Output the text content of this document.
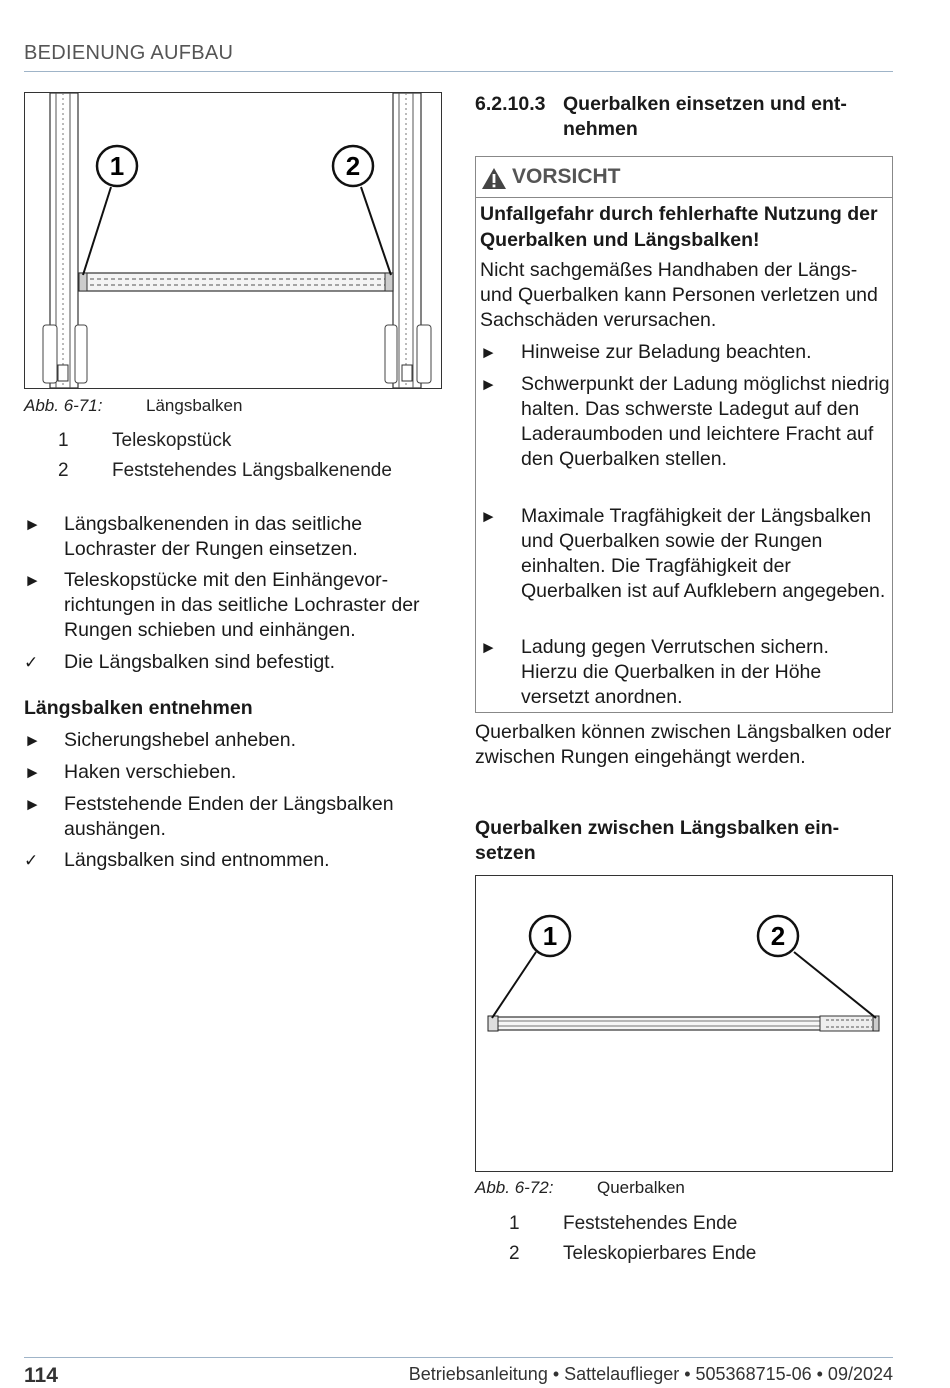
BEDIENUNG AUFBAU
1	2
Abb. 6-71:	Längsbalken
1 Teleskopstück
2 Feststehendes Längsbalkenende
►	Längsbalkenenden in das seitliche Lochraster der Rungen einsetzen.
►	Teleskopstücke mit den Einhängevorrichtungen in das seitliche Lochraster der Rungen schieben und einhängen.
✓	Die Längsbalken sind befestigt.
Längsbalken entnehmen
►	Sicherungshebel anheben.
►	Haken verschieben.
►	Feststehende Enden der Längsbalken aushängen.
✓	Längsbalken sind entnommen.
6.2.10.3 Querbalken einsetzen und ent-
nehmen
VORSICHT
Unfallgefahr durch fehlerhafte Nutzung der Querbalken und Längsbalken!
Nicht sachgemäßes Handhaben der Längs- und Querbalken kann Personen verletzen und Sachschäden verursachen.
► Hinweise zur Beladung beachten.
► Schwerpunkt der Ladung möglichst niedrig halten. Das schwerste Ladegut auf den Laderaumboden und leichtere Fracht auf den Querbalken stellen.
► Maximale Tragfähigkeit der Längsbalken und Querbalken sowie der Rungen einhalten. Die Tragfähigkeit der Querbalken ist auf Aufklebern angegeben.
► Ladung gegen Verrutschen sichern. Hierzu die Querbalken in der Höhe versetzt anordnen.
Querbalken können zwischen Längsbalken oder zwischen Rungen eingehängt werden.
Querbalken zwischen Längsbalken einsetzen
1	2
Abb. 6-72:	Querbalken
1 Feststehendes Ende
2 Teleskopierbares Ende
114	Betriebsanleitung • Sattelauflieger • 505368715-06 • 09/2024
